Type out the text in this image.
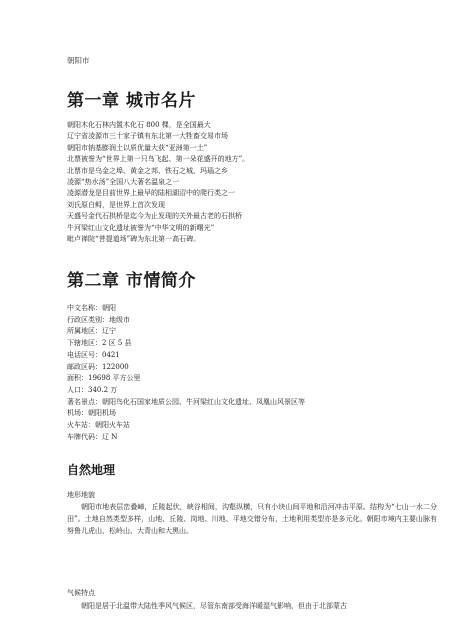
朝阳市
第一章 城市名片
朝阳木化石林内置木化石 800 棵，是全国最大
辽宁省凌源市三十家子镇有东北第一大牲畜交易市场
朝阳市钠基膨润土以质优量大获“亚洲第一土”
北票被誉为“世界上第一只鸟飞起、第一朵花盛开的地方”。
北票市是乌金之埠、黄金之邦、铁石之城、玛瑙之乡
凌源“热水汤”全国八大著名温泉之一
凌源潜龙是目前世界上最早的陆相湖沼中的爬行类之一
刘氏原白鲟，是世界上首次发现
天盛号金代石拱桥是迄今为止发现的关外最古老的石拱桥
牛河梁红山文化遗址被誉为“中华文明的新曙光”
毗卢禅院“菩提道场”碑为东北第一高石碑。
第二章 市情简介
中文名称：朝阳
行政区类别：地级市
所属地区：辽宁
下辖地区：2 区 5 县
电话区号：0421
邮政区码：122000
面积：19698 平方公里
人口：340.2 万
著名景点：朝阳鸟化石国家地质公园、牛河梁红山文化遗址、凤凰山风景区等
机场：朝阳机场
火车站：朝阳火车站
车牌代码：辽 N
自然地理
地形地貌
朝阳市地表层峦叠嶂，丘陵起伏，峡谷相间，沟壑纵横，只有小块山间平地和沿河冲击平原。结构为“七山一水二分田”。土地自然类型多样，山地、丘陵、岗地、川地、平地交错分布，土地利用类型亦是多元化。朝阳市境内主要山脉有努鲁儿虎山、松岭山、大青山和大黑山。
气候特点
朝阳是居于北温带大陆性季风气候区，尽管东南部受海洋暖湿气影响，但由于北部蒙古
